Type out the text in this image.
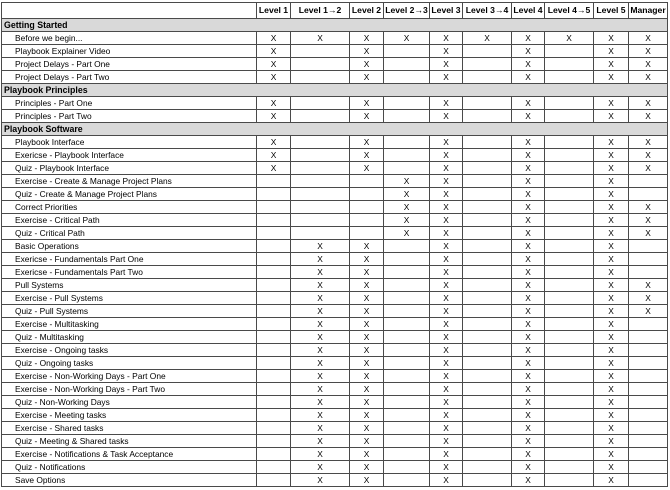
	Level 1	Level 1→2	Level 2	Level 2→3	Level 3	Level 3→4	Level 4	Level 4→5	Level 5	Manager
Getting Started										
Before we begin...	X	X	X	X	X	X	X	X	X	X
Playbook Explainer Video	X		X		X		X		X	X
Project Delays - Part One	X		X		X		X		X	X
Project Delays - Part Two	X		X		X		X		X	X
Playbook Principles										
Principles - Part One	X		X		X		X		X	X
Principles - Part Two	X		X		X		X		X	X
Playbook Software										
Playbook Interface	X		X		X		X		X	X
Exericse - Playbook Interface	X		X		X		X		X	X
Quiz - Playbook Interface	X		X		X		X		X	X
Exercise - Create & Manage Project Plans				X	X		X		X	
Quiz - Create & Manage Project Plans				X	X		X		X	
Correct Priorities				X	X		X		X	X
Exercise - Critical Path				X	X		X		X	X
Quiz - Critical Path				X	X		X		X	X
Basic Operations		X	X		X		X		X	
Exericse - Fundamentals Part One		X	X		X		X		X	
Exericse - Fundamentals Part Two		X	X		X		X		X	
Pull Systems		X	X		X		X		X	X
Exercise - Pull Systems		X	X		X		X		X	X
Quiz - Pull Systems		X	X		X		X		X	X
Exercise - Multitasking		X	X		X		X		X	
Quiz - Multitasking		X	X		X		X		X	
Exercise - Ongoing tasks		X	X		X		X		X	
Quiz - Ongoing tasks		X	X		X		X		X	
Exercise - Non-Working Days - Part One		X	X		X		X		X	
Exercise - Non-Working Days - Part Two		X	X		X		X		X	
Quiz - Non-Working Days		X	X		X		X		X	
Exercise - Meeting tasks		X	X		X		X		X	
Exercise - Shared tasks		X	X		X		X		X	
Quiz - Meeting & Shared tasks		X	X		X		X		X	
Exercise - Notifications & Task Acceptance		X	X		X		X		X	
Quiz - Notifications		X	X		X		X		X	
Save Options		X	X		X		X		X	
